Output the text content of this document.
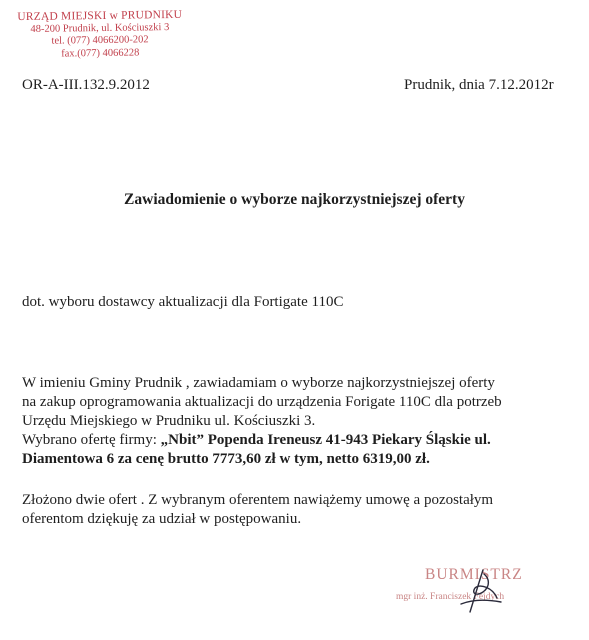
URZĄD MIEJSKI w PRUDNIKU
48-200 Prudnik, ul. Kościuszki 3
tel. (077) 4066200-202
fax.(077) 4066228
OR-A-III.132.9.2012	Prudnik, dnia 7.12.2012r
Zawiadomienie o wyborze najkorzystniejszej oferty
dot. wyboru dostawcy aktualizacji dla Fortigate 110C
W imieniu Gminy Prudnik , zawiadamiam o wyborze najkorzystniejszej oferty
na zakup oprogramowania aktualizacji do urządzenia Forigate 110C dla potrzeb
Urzędu Miejskiego w Prudniku ul. Kościuszki 3.
Wybrano ofertę firmy: „Nbit” Popenda Ireneusz 41-943 Piekary Śląskie ul.
Diamentowa 6 za cenę brutto 7773,60 zł w tym, netto 6319,00 zł.
Złożono dwie ofert . Z wybranym oferentem nawiążemy umowę a pozostałym
oferentom dziękuję za udział w postępowaniu.
BURMISTRZ
mgr inż. Franciszek Fejdych
